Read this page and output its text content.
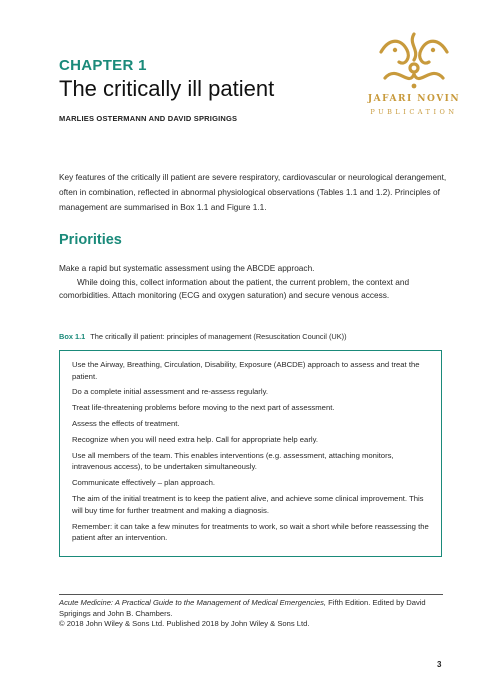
CHAPTER 1
The critically ill patient
MARLIES OSTERMANN AND DAVID SPRIGINGS
JAFARI NOVIN
PUBLICATION

Key features of the critically ill patient are severe respiratory, cardiovascular or neurological derangement, often in combination, reflected in abnormal physiological observations (Tables 1.1 and 1.2). Principles of management are summarised in Box 1.1 and Figure 1.1.

Priorities

Make a rapid but systematic assessment using the ABCDE approach.

While doing this, collect information about the patient, the current problem, the context and comorbidities. Attach monitoring (ECG and oxygen saturation) and secure venous access.

Box 1.1 The critically ill patient: principles of management (Resuscitation Council (UK))
Use the Airway, Breathing, Circulation, Disability, Exposure (ABCDE) approach to assess and treat the patient.
Do a complete initial assessment and re-assess regularly.
Treat life-threatening problems before moving to the next part of assessment.
Assess the effects of treatment.
Recognize when you will need extra help. Call for appropriate help early.
Use all members of the team. This enables interventions (e.g. assessment, attaching monitors, intravenous access), to be undertaken simultaneously.
Communicate effectively – plan approach.
The aim of the initial treatment is to keep the patient alive, and achieve some clinical improvement. This will buy time for further treatment and making a diagnosis.
Remember: it can take a few minutes for treatments to work, so wait a short while before reassessing the patient after an intervention.
Acute Medicine: A Practical Guide to the Management of Medical Emergencies, Fifth Edition. Edited by David Sprigings and John B. Chambers.
© 2018 John Wiley & Sons Ltd. Published 2018 by John Wiley & Sons Ltd.
3
